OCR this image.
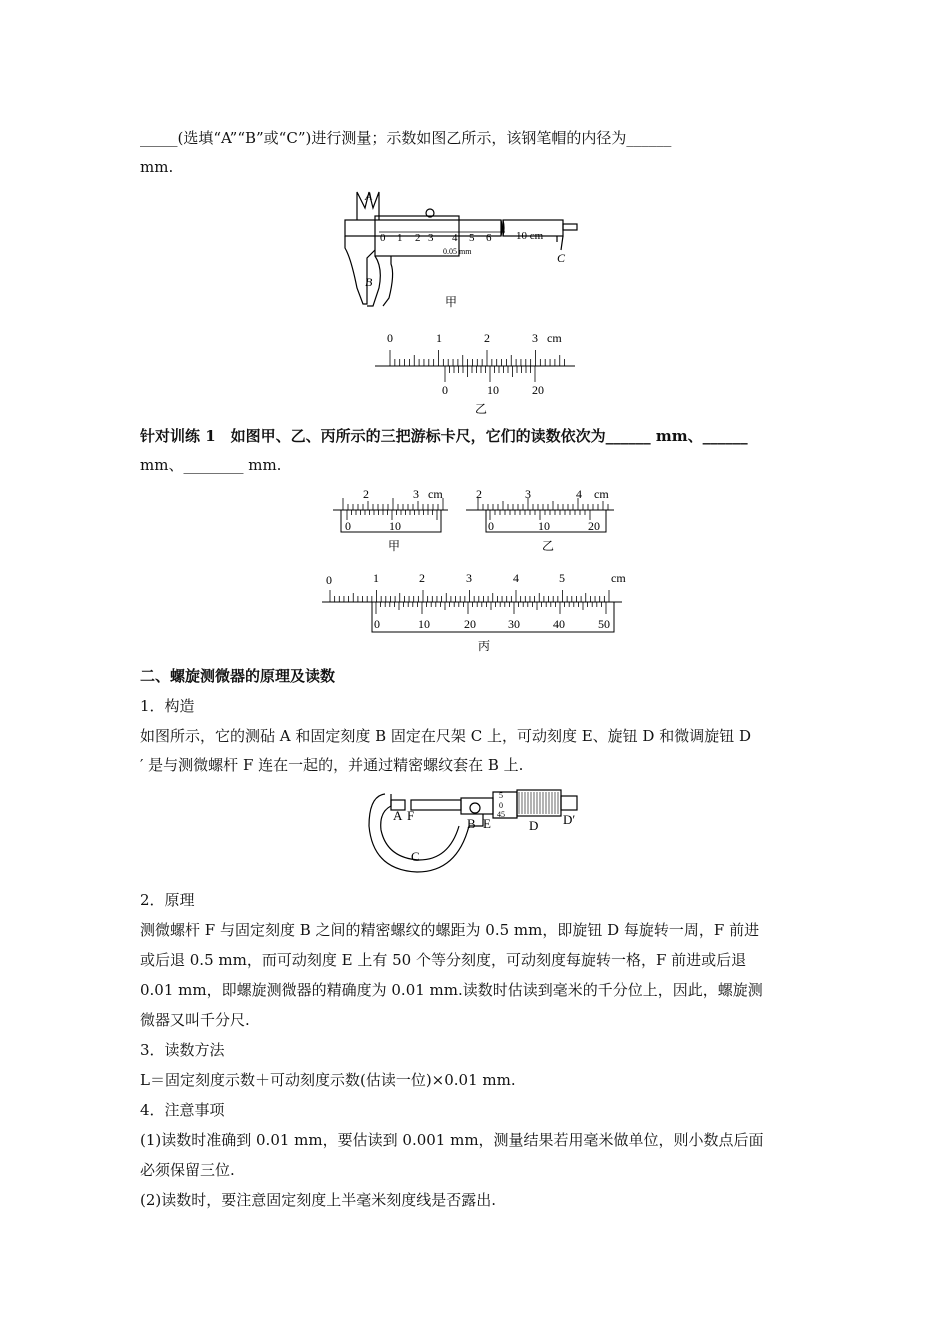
_____(选填“A”“B”或“C”)进行测量；示数如图乙所示，该钢笔帽的内径为______
mm.
A
B
C
0 1 2 3 4 5 6 10 cm
0.05 mm
甲
0	1	2	3 cm
0	10	20
乙
针对训练 1　如图甲、乙、丙所示的三把游标卡尺，它们的读数依次为______ mm、______
mm、________ mm.
2	3 cm
0	10
甲
2	3	4 cm
0	10	20
乙
0	1	2	3	4	5	cm
0	10	20	30	40	50
丙
二、螺旋测微器的原理及读数
1．构造
如图所示，它的测砧 A 和固定刻度 B 固定在尺架 C 上，可动刻度 E、旋钮 D 和微调旋钮 D
′ 是与测微螺杆 F 连在一起的，并通过精密螺纹套在 B 上.
5
0
45
A F
B E	D D′
C
2．原理
测微螺杆 F 与固定刻度 B 之间的精密螺纹的螺距为 0.5 mm，即旋钮 D 每旋转一周，F 前进
或后退 0.5 mm，而可动刻度 E 上有 50 个等分刻度，可动刻度每旋转一格，F 前进或后退
0.01 mm，即螺旋测微器的精确度为 0.01 mm.读数时估读到毫米的千分位上，因此，螺旋测
微器又叫千分尺.
3．读数方法
L＝固定刻度示数＋可动刻度示数(估读一位)×0.01 mm.
4．注意事项
(1)读数时准确到 0.01 mm，要估读到 0.001 mm，测量结果若用毫米做单位，则小数点后面
必须保留三位.
(2)读数时，要注意固定刻度上半毫米刻度线是否露出.
